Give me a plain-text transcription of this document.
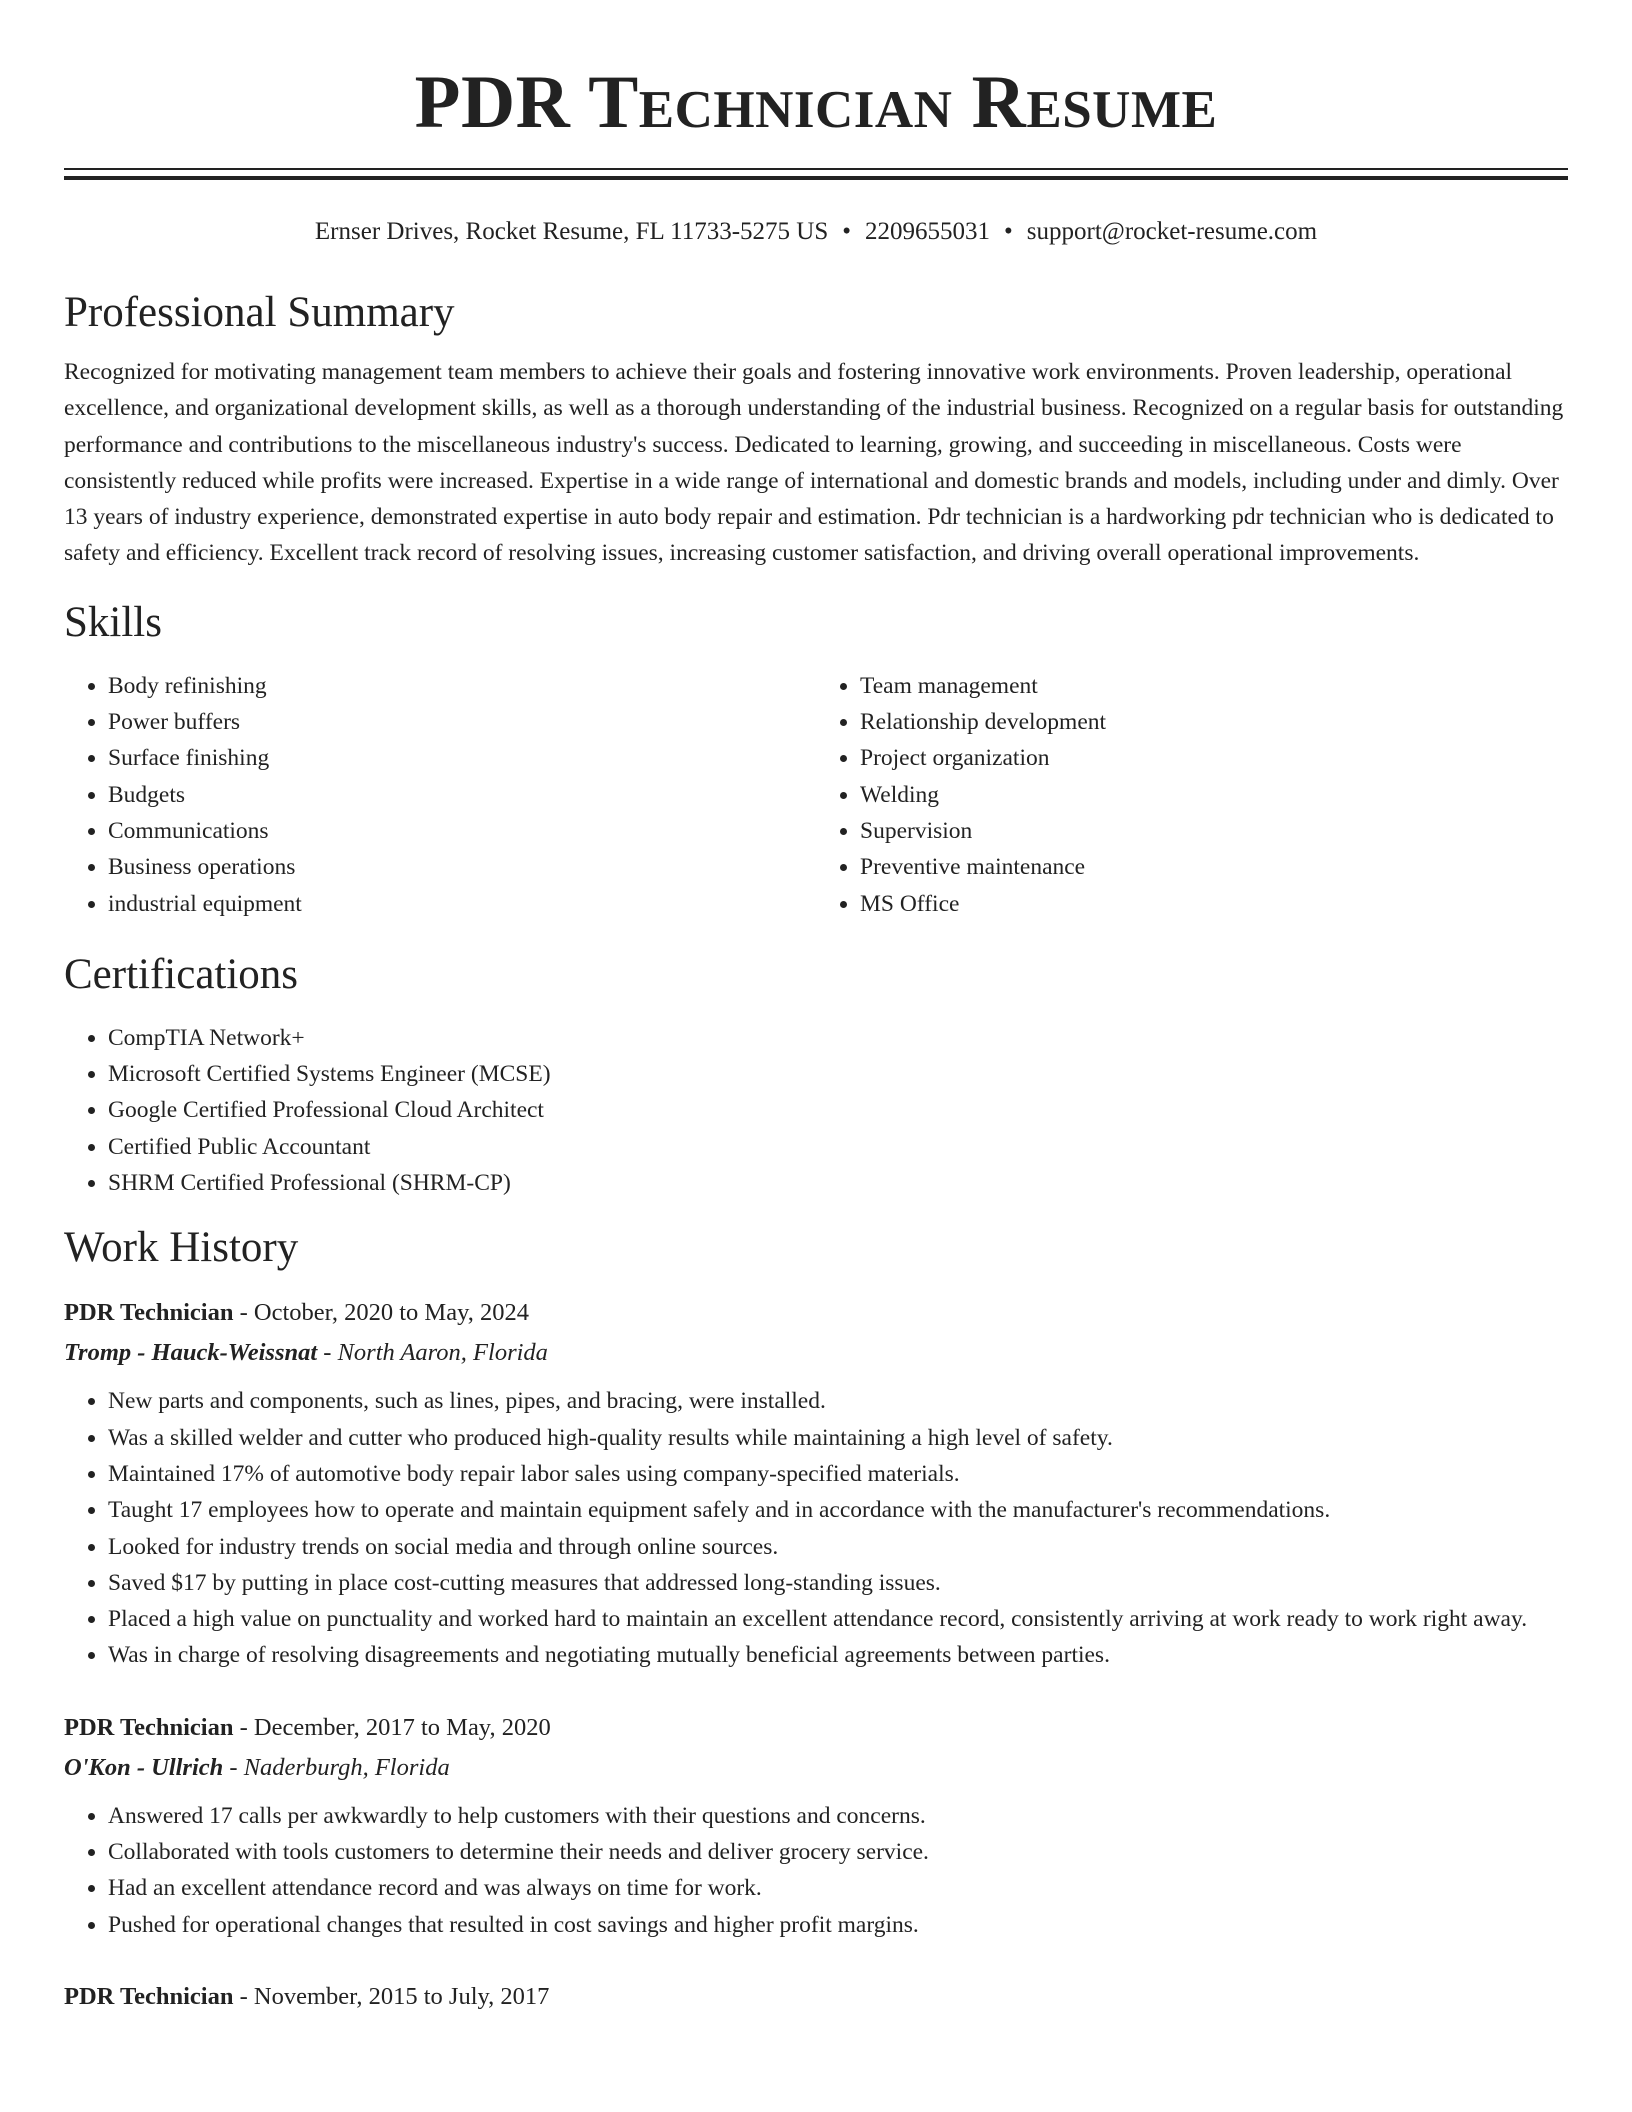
PDR Technician Resume
Ernser Drives, Rocket Resume, FL 11733-5275 US • 2209655031 • support@rocket-resume.com
Professional Summary
Recognized for motivating management team members to achieve their goals and fostering innovative work environments. Proven leadership, operational excellence, and organizational development skills, as well as a thorough understanding of the industrial business. Recognized on a regular basis for outstanding performance and contributions to the miscellaneous industry's success. Dedicated to learning, growing, and succeeding in miscellaneous. Costs were consistently reduced while profits were increased. Expertise in a wide range of international and domestic brands and models, including under and dimly. Over 13 years of industry experience, demonstrated expertise in auto body repair and estimation. Pdr technician is a hardworking pdr technician who is dedicated to safety and efficiency. Excellent track record of resolving issues, increasing customer satisfaction, and driving overall operational improvements.
Skills
• Body refinishing
• Power buffers
• Surface finishing
• Budgets
• Communications
• Business operations
• industrial equipment
• Team management
• Relationship development
• Project organization
• Welding
• Supervision
• Preventive maintenance
• MS Office
Certifications
• CompTIA Network+
• Microsoft Certified Systems Engineer (MCSE)
• Google Certified Professional Cloud Architect
• Certified Public Accountant
• SHRM Certified Professional (SHRM-CP)
Work History
PDR Technician - October, 2020 to May, 2024
Tromp - Hauck-Weissnat - North Aaron, Florida
• New parts and components, such as lines, pipes, and bracing, were installed.
• Was a skilled welder and cutter who produced high-quality results while maintaining a high level of safety.
• Maintained 17% of automotive body repair labor sales using company-specified materials.
• Taught 17 employees how to operate and maintain equipment safely and in accordance with the manufacturer's recommendations.
• Looked for industry trends on social media and through online sources.
• Saved $17 by putting in place cost-cutting measures that addressed long-standing issues.
• Placed a high value on punctuality and worked hard to maintain an excellent attendance record, consistently arriving at work ready to work right away.
• Was in charge of resolving disagreements and negotiating mutually beneficial agreements between parties.
PDR Technician - December, 2017 to May, 2020
O'Kon - Ullrich - Naderburgh, Florida
• Answered 17 calls per awkwardly to help customers with their questions and concerns.
• Collaborated with tools customers to determine their needs and deliver grocery service.
• Had an excellent attendance record and was always on time for work.
• Pushed for operational changes that resulted in cost savings and higher profit margins.
PDR Technician - November, 2015 to July, 2017
